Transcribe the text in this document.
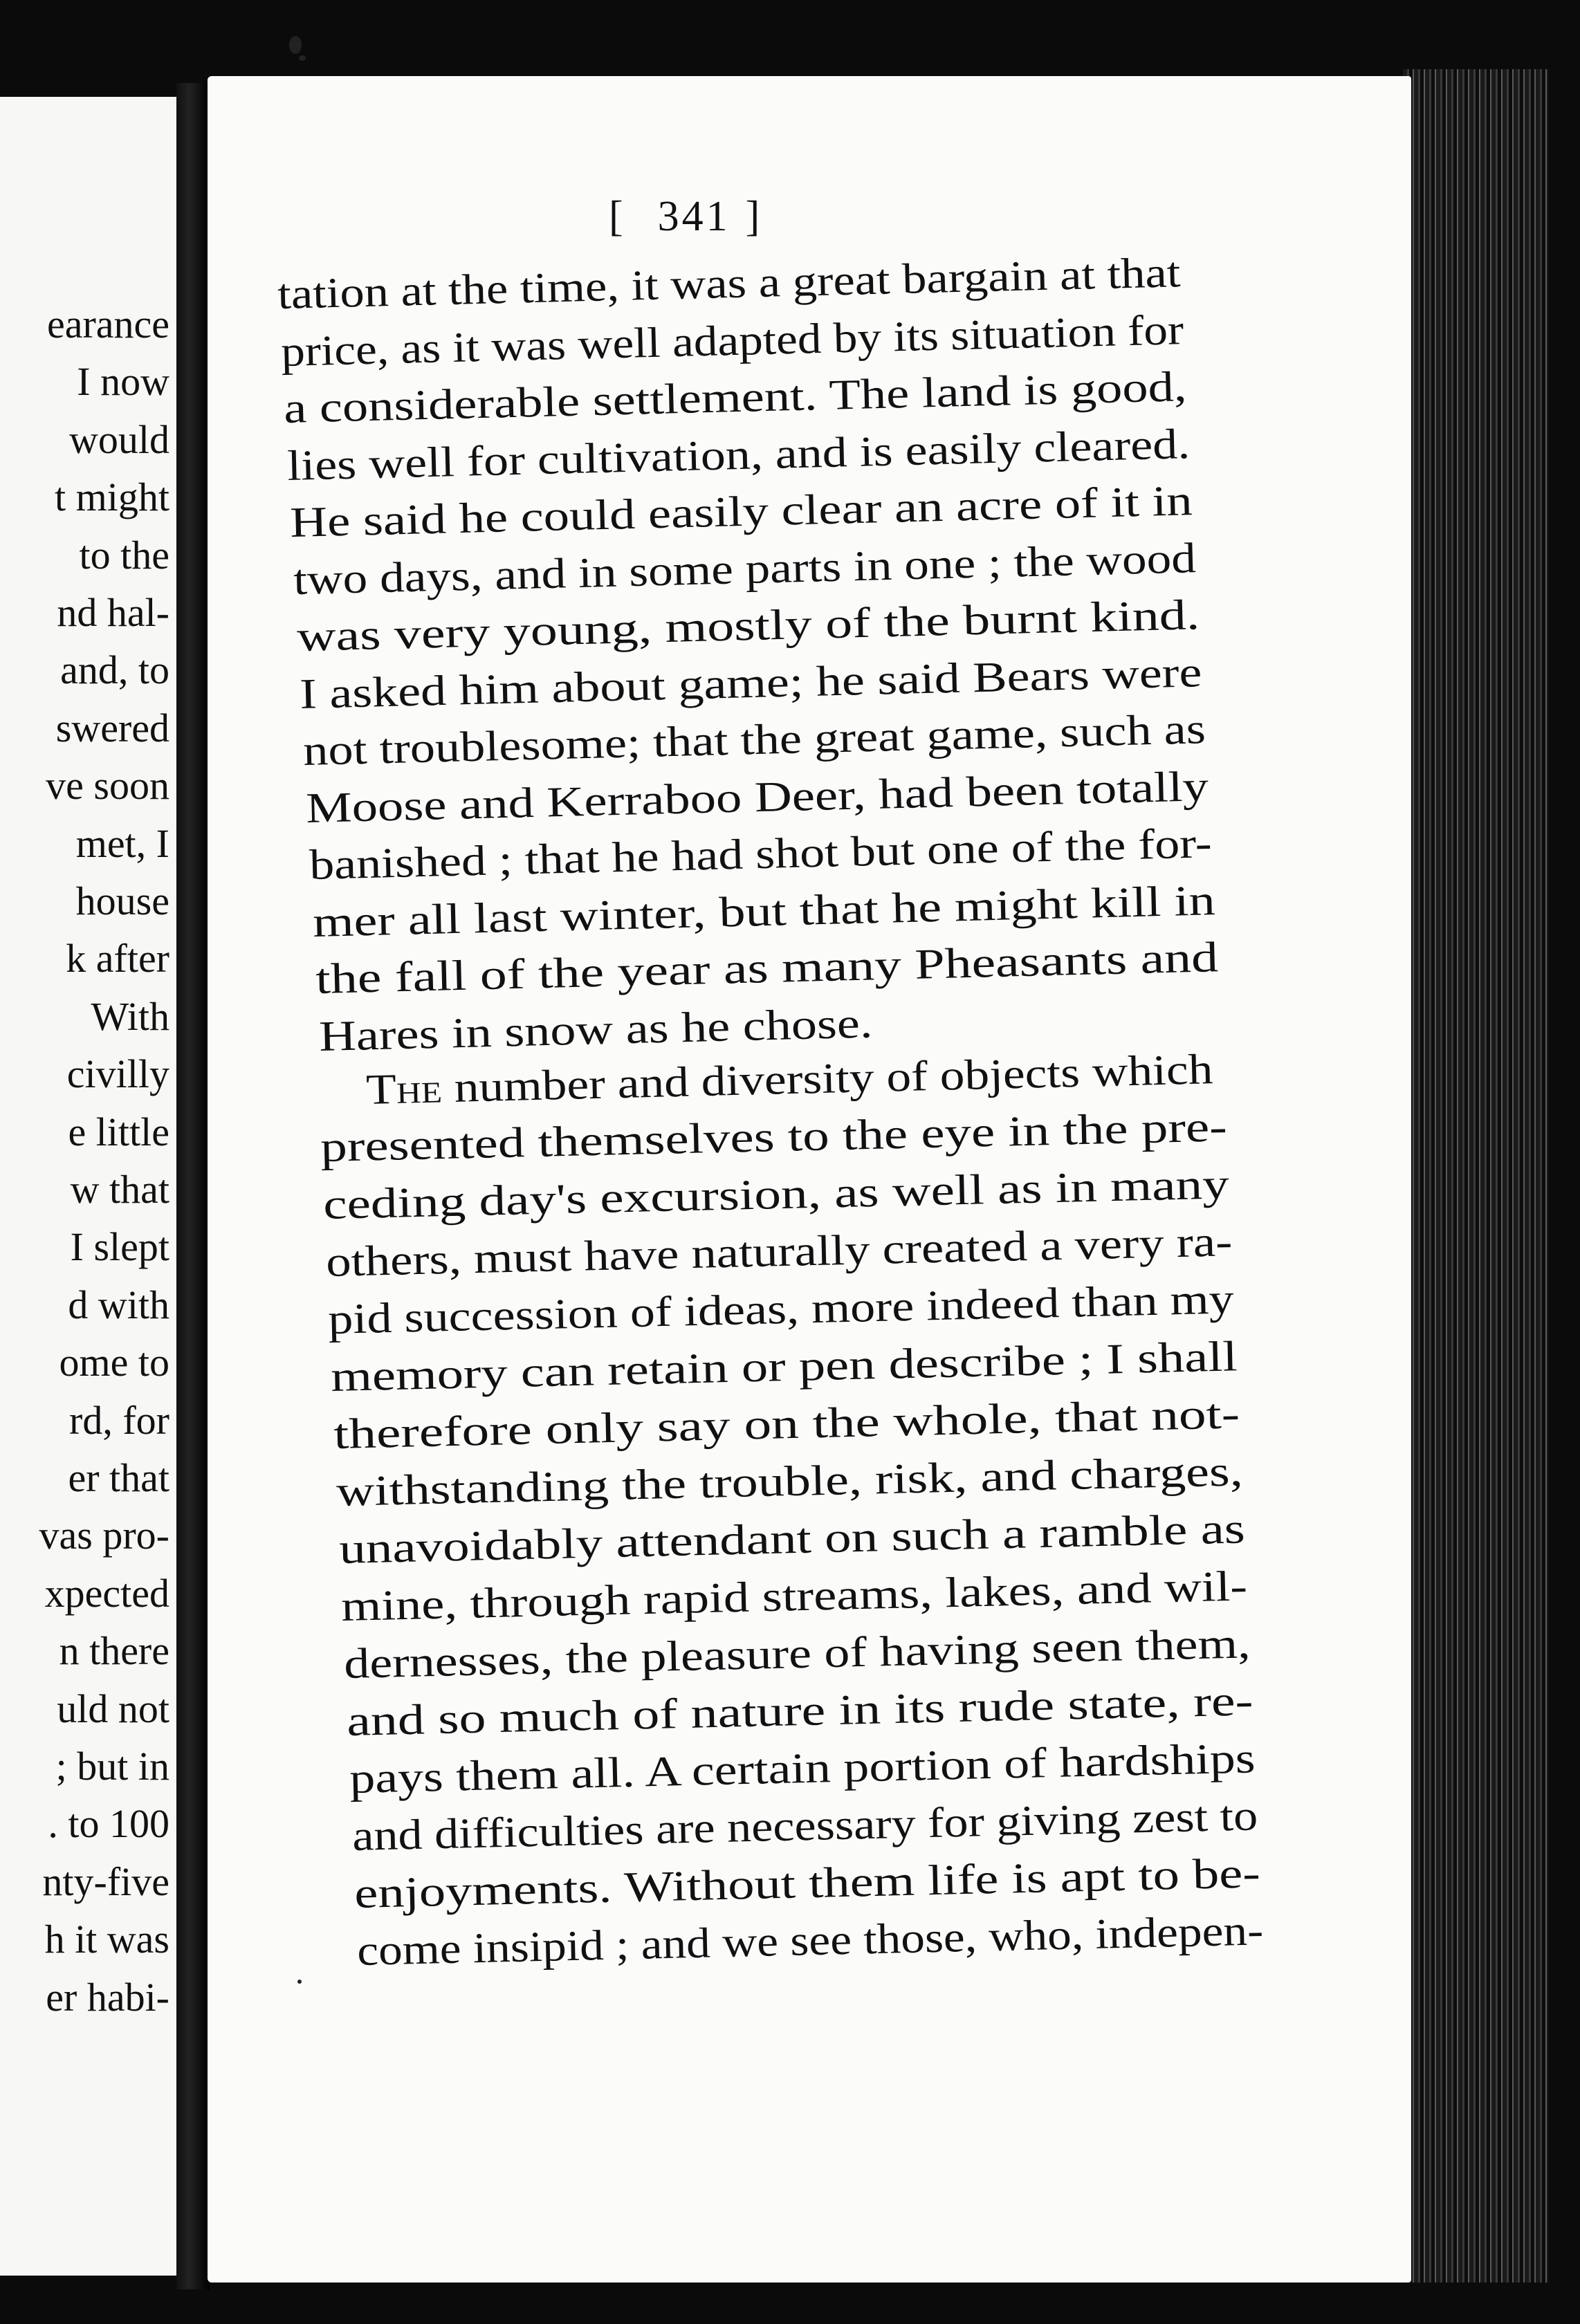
earance
I now
would
t might
to the
nd hal-
and, to
swered
ve soon
met, I
house
k after
With
civilly
e little
w that
I slept
d with
ome to
rd, for
er that
vas pro-
xpected
n there
uld not
; but in
. to 100
nty-five
h it was
er habi-
[ 341 ]
tation at the time, it was a great bargain at that
price, as it was well adapted by its situation for
a considerable settlement. The land is good,
lies well for cultivation, and is easily cleared.
He said he could easily clear an acre of it in
two days, and in some parts in one ; the wood
was very young, mostly of the burnt kind.
I asked him about game; he said Bears were
not troublesome; that the great game, such as
Moose and Kerraboo Deer, had been totally
banished ; that he had shot but one of the for-
mer all last winter, but that he might kill in
the fall of the year as many Pheasants and
Hares in snow as he chose.
The number and diversity of objects which
presented themselves to the eye in the pre-
ceding day's excursion, as well as in many
others, must have naturally created a very ra-
pid succession of ideas, more indeed than my
memory can retain or pen describe ; I shall
therefore only say on the whole, that not-
withstanding the trouble, risk, and charges,
unavoidably attendant on such a ramble as
mine, through rapid streams, lakes, and wil-
dernesses, the pleasure of having seen them,
and so much of nature in its rude state, re-
pays them all. A certain portion of hardships
and difficulties are necessary for giving zest to
enjoyments. Without them life is apt to be-
come insipid ; and we see those, who, indepen-
